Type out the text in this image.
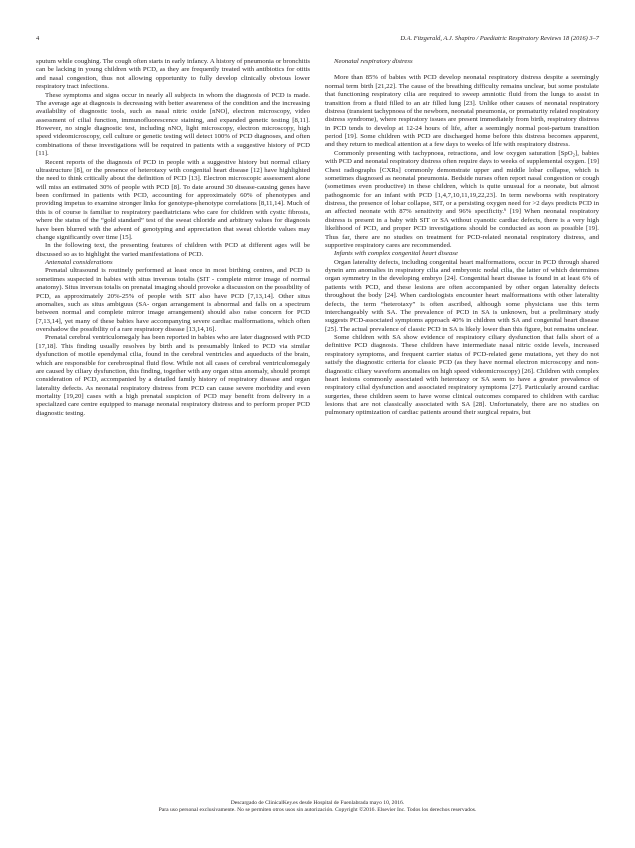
4	D.A. Fitzgerald, A.J. Shapiro / Paediatric Respiratory Reviews 18 (2016) 3–7

sputum while coughing. The cough often starts in early infancy. A history of pneumonia or bronchitis can be lacking in young children with PCD, as they are frequently treated with antibiotics for otitis and nasal congestion, thus not allowing opportunity to fully develop clinically obvious lower respiratory tract infections.

These symptoms and signs occur in nearly all subjects in whom the diagnosis of PCD is made. The average age at diagnosis is decreasing with better awareness of the condition and the increasing availability of diagnostic tools, such as nasal nitric oxide [nNO], electron microscopy, video assessment of cilial function, immunofluorescence staining, and expanded genetic testing [8,11]. However, no single diagnostic test, including nNO, light microscopy, electron microscopy, high speed videomicroscopy, cell culture or genetic testing will detect 100% of PCD diagnoses, and often combinations of these investigations will be required in patients with a suggestive history of PCD [11].

Recent reports of the diagnosis of PCD in people with a suggestive history but normal ciliary ultrastructure [8], or the presence of heterotaxy with congenital heart disease [12] have highlighted the need to think critically about the definition of PCD [13]. Electron microscopic assessment alone will miss an estimated 30% of people with PCD [8]. To date around 30 disease-causing genes have been confirmed in patients with PCD, accounting for approximately 60% of phenotypes and providing impetus to examine stronger links for genotype-phenotype correlations [8,11,14]. Much of this is of course is familiar to respiratory paediatricians who care for children with cystic fibrosis, where the status of the “gold standard” test of the sweat chloride and arbitrary values for diagnosis have been blurred with the advent of genotyping and appreciation that sweat chloride values may change significantly over time [15].

In the following text, the presenting features of children with PCD at different ages will be discussed so as to highlight the varied manifestations of PCD.

Antenatal considerations

Prenatal ultrasound is routinely performed at least once in most birthing centres, and PCD is sometimes suspected in babies with situs inversus totalis (SIT - complete mirror image of normal anatomy). Situs inversus totalis on prenatal imaging should provoke a discussion on the possibility of PCD, as approximately 20%-25% of people with SIT also have PCD [7,13,14]. Other situs anomalies, such as situs ambiguus (SA- organ arrangement is abnormal and falls on a spectrum between normal and complete mirror image arrangement) should also raise concern for PCD [7,13,14], yet many of these babies have accompanying severe cardiac malformations, which often overshadow the possibility of a rare respiratory disease [13,14,16].

Prenatal cerebral ventriculomegaly has been reported in babies who are later diagnosed with PCD [17,18]. This finding usually resolves by birth and is presumably linked to PCD via similar dysfunction of motile ependymal cilia, found in the cerebral ventricles and aqueducts of the brain, which are responsible for cerebrospinal fluid flow. While not all cases of cerebral ventriculomegaly are caused by ciliary dysfunction, this finding, together with any organ situs anomaly, should prompt consideration of PCD, accompanied by a detailed family history of respiratory disease and organ laterality defects. As neonatal respiratory distress from PCD can cause severe morbidity and even mortality [19,20] cases with a high prenatal suspicion of PCD may benefit from delivery in a specialized care centre equipped to manage neonatal respiratory distress and to perform proper PCD diagnostic testing.

Neonatal respiratory distress

More than 85% of babies with PCD develop neonatal respiratory distress despite a seemingly normal term birth [21,22]. The cause of the breathing difficulty remains unclear, but some postulate that functioning respiratory cilia are required to sweep amniotic fluid from the lungs to assist in transition from a fluid filled to an air filled lung [23]. Unlike other causes of neonatal respiratory distress (transient tachypnoea of the newborn, neonatal pneumonia, or prematurity related respiratory distress syndrome), where respiratory issues are present immediately from birth, respiratory distress in PCD tends to develop at 12-24 hours of life, after a seemingly normal post-partum transition period [19]. Some children with PCD are discharged home before this distress becomes apparent, and they return to medical attention at a few days to weeks of life with respiratory distress.

Commonly presenting with tachypnoea, retractions, and low oxygen saturation [SpO₂], babies with PCD and neonatal respiratory distress often require days to weeks of supplemental oxygen. [19] Chest radiographs [CXRs] commonly demonstrate upper and middle lobar collapse, which is sometimes diagnosed as neonatal pneumonia. Bedside nurses often report nasal congestion or cough (sometimes even productive) in these children, which is quite unusual for a neonate, but almost pathognomic for an infant with PCD [1,4,7,10,11,19,22,23]. In term newborns with respiratory distress, the presence of lobar collapse, SIT, or a persisting oxygen need for >2 days predicts PCD in an affected neonate with 87% sensitivity and 96% specificity.⁶ [19] When neonatal respiratory distress is present in a baby with SIT or SA without cyanotic cardiac defects, there is a very high likelihood of PCD, and proper PCD investigations should be conducted as soon as possible [19]. Thus far, there are no studies on treatment for PCD-related neonatal respiratory distress, and supportive respiratory cares are recommended.

Infants with complex congenital heart disease

Organ laterality defects, including congenital heart malformations, occur in PCD through shared dynein arm anomalies in respiratory cilia and embryonic nodal cilia, the latter of which determines organ symmetry in the developing embryo [24]. Congenital heart disease is found in at least 6% of patients with PCD, and these lesions are often accompanied by other organ laterality defects throughout the body [24]. When cardiologists encounter heart malformations with other laterality defects, the term “heterotaxy” is often ascribed, although some physicians use this term interchangeably with SA. The prevalence of PCD in SA is unknown, but a preliminary study suggests PCD-associated symptoms approach 40% in children with SA and congenital heart disease [25]. The actual prevalence of classic PCD in SA is likely lower than this figure, but remains unclear.

Some children with SA show evidence of respiratory ciliary dysfunction that falls short of a definitive PCD diagnosis. These children have intermediate nasal nitric oxide levels, increased respiratory symptoms, and frequent carrier status of PCD-related gene mutations, yet they do not satisfy the diagnostic criteria for classic PCD (as they have normal electron microscopy and non-diagnostic ciliary waveform anomalies on high speed videomicroscopy) [26]. Children with complex heart lesions commonly associated with heterotaxy or SA seem to have a greater prevalence of respiratory cilial dysfunction and associated respiratory symptoms [27]. Particularly around cardiac surgeries, these children seem to have worse clinical outcomes compared to children with cardiac lesions that are not classically associated with SA [28]. Unfortunately, there are no studies on pulmonary optimization of cardiac patients around their surgical repairs, but

Descargado de ClinicalKey.es desde Hospital de Fuenlabrada mayo 10, 2016.
Para uso personal exclusivamente. No se permiten otros usos sin autorización. Copyright ©2016. Elsevier Inc. Todos los derechos reservados.
